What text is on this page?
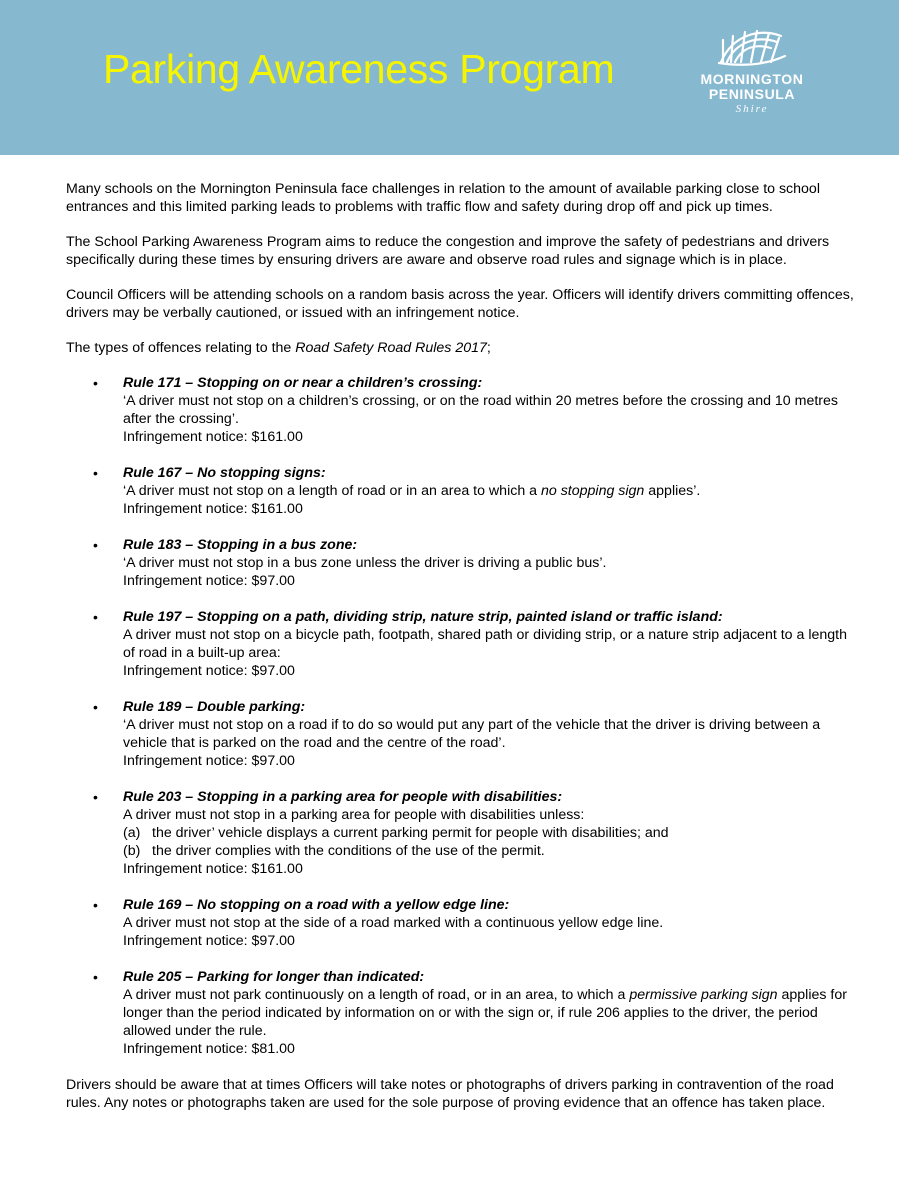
Parking Awareness Program	MORNINGTON
PENINSULA
Shire

Many schools on the Mornington Peninsula face challenges in relation to the amount of available parking close to school entrances and this limited parking leads to problems with traffic flow and safety during drop off and pick up times.

The School Parking Awareness Program aims to reduce the congestion and improve the safety of pedestrians and drivers specifically during these times by ensuring drivers are aware and observe road rules and signage which is in place.

Council Officers will be attending schools on a random basis across the year. Officers will identify drivers committing offences, drivers may be verbally cautioned, or issued with an infringement notice.

The types of offences relating to the Road Safety Road Rules 2017;

• Rule 171 – Stopping on or near a children’s crossing:
‘A driver must not stop on a children’s crossing, or on the road within 20 metres before the crossing and 10 metres after the crossing’.
Infringement notice: $161.00
• Rule 167 – No stopping signs:
‘A driver must not stop on a length of road or in an area to which a no stopping sign applies’.
Infringement notice: $161.00
• Rule 183 – Stopping in a bus zone:
‘A driver must not stop in a bus zone unless the driver is driving a public bus’.
Infringement notice: $97.00
• Rule 197 – Stopping on a path, dividing strip, nature strip, painted island or traffic island:
A driver must not stop on a bicycle path, footpath, shared path or dividing strip, or a nature strip adjacent to a length of road in a built-up area:
Infringement notice: $97.00
• Rule 189 – Double parking:
‘A driver must not stop on a road if to do so would put any part of the vehicle that the driver is driving between a vehicle that is parked on the road and the centre of the road’.
Infringement notice: $97.00
• Rule 203 – Stopping in a parking area for people with disabilities:
A driver must not stop in a parking area for people with disabilities unless:
(a) the driver’ vehicle displays a current parking permit for people with disabilities; and
(b) the driver complies with the conditions of the use of the permit.
Infringement notice: $161.00
• Rule 169 – No stopping on a road with a yellow edge line:
A driver must not stop at the side of a road marked with a continuous yellow edge line.
Infringement notice: $97.00
• Rule 205 – Parking for longer than indicated:
A driver must not park continuously on a length of road, or in an area, to which a permissive parking sign applies for longer than the period indicated by information on or with the sign or, if rule 206 applies to the driver, the period allowed under the rule.
Infringement notice: $81.00

Drivers should be aware that at times Officers will take notes or photographs of drivers parking in contravention of the road rules. Any notes or photographs taken are used for the sole purpose of proving evidence that an offence has taken place.
